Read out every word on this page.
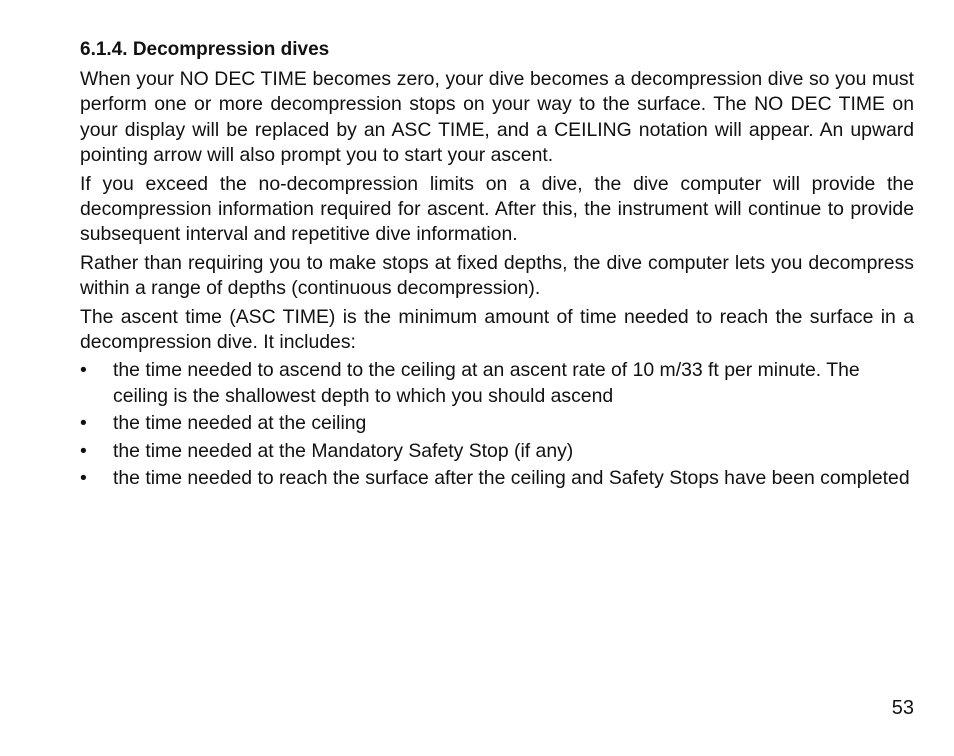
6.1.4. Decompression dives

When your NO DEC TIME becomes zero, your dive becomes a decompression dive so you must perform one or more decompression stops on your way to the surface. The NO DEC TIME on your display will be replaced by an ASC TIME, and a CEILING notation will appear. An upward pointing arrow will also prompt you to start your ascent.

If you exceed the no-decompression limits on a dive, the dive computer will provide the decompression information required for ascent. After this, the instrument will continue to provide subsequent interval and repetitive dive information.

Rather than requiring you to make stops at fixed depths, the dive computer lets you decompress within a range of depths (continuous decompression).

The ascent time (ASC TIME) is the minimum amount of time needed to reach the surface in a decompression dive. It includes:

• the time needed to ascend to the ceiling at an ascent rate of 10 m/33 ft per minute. The ceiling is the shallowest depth to which you should ascend
• the time needed at the ceiling
• the time needed at the Mandatory Safety Stop (if any)
• the time needed to reach the surface after the ceiling and Safety Stops have been completed
53
